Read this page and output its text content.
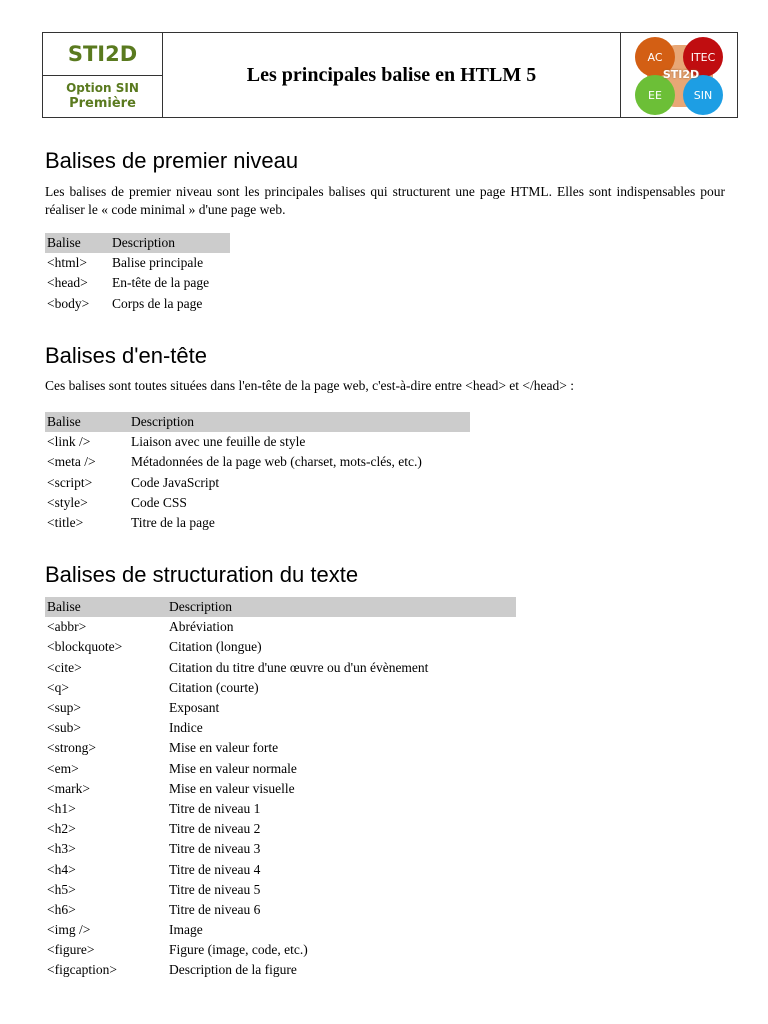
STI2D
Option SIN
Première
Les principales balise en HTLM 5
AC	ITEC
EE	SIN
STI2D
Balises de premier niveau

Les balises de premier niveau sont les principales balises qui structurent une page HTML. Elles sont indispensables pour réaliser le « code minimal » d'une page web.

Balise	Description
<html>	Balise principale
<head>	En-tête de la page
<body>	Corps de la page
Balises d'en-tête

Ces balises sont toutes situées dans l'en-tête de la page web, c'est-à-dire entre <head> et </head> :

Balise	Description
<link />	Liaison avec une feuille de style
<meta />	Métadonnées de la page web (charset, mots-clés, etc.)
<script>	Code JavaScript
<style>	Code CSS
<title>	Titre de la page
Balises de structuration du texte
Balise	Description
<abbr>	Abréviation
<blockquote>	Citation (longue)
<cite>	Citation du titre d'une œuvre ou d'un évènement
<q>	Citation (courte)
<sup>	Exposant
<sub>	Indice
<strong>	Mise en valeur forte
<em>	Mise en valeur normale
<mark>	Mise en valeur visuelle
<h1>	Titre de niveau 1
<h2>	Titre de niveau 2
<h3>	Titre de niveau 3
<h4>	Titre de niveau 4
<h5>	Titre de niveau 5
<h6>	Titre de niveau 6
<img />	Image
<figure>	Figure (image, code, etc.)
<figcaption>	Description de la figure
